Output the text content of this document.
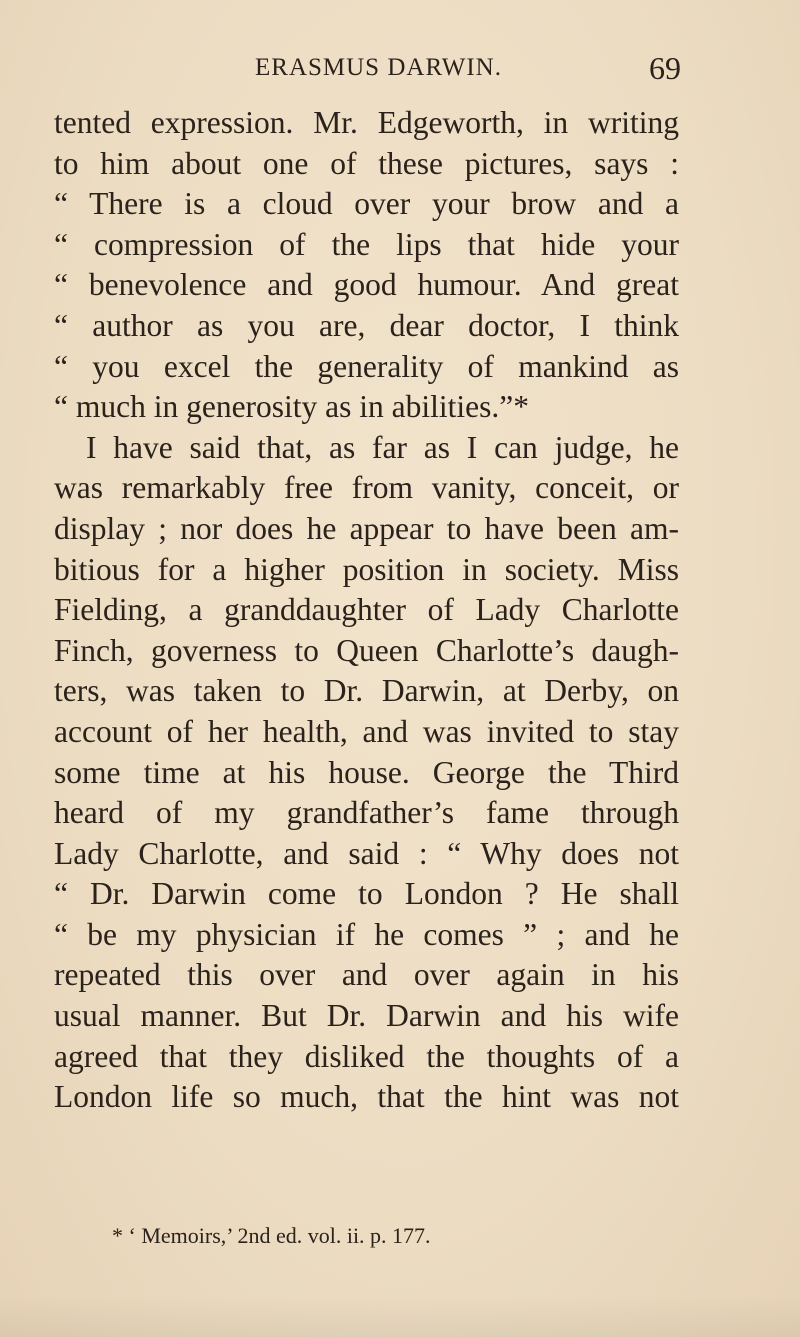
ERASMUS DARWIN.	69
tented expression. Mr. Edgeworth, in writing
to him about one of these pictures, says :
“ There is a cloud over your brow and a
“ compression of the lips that hide your
“ benevolence and good humour. And great
“ author as you are, dear doctor, I think
“ you excel the generality of mankind as
“ much in generosity as in abilities.”*
I have said that, as far as I can judge, he
was remarkably free from vanity, conceit, or
display ; nor does he appear to have been am-
bitious for a higher position in society. Miss
Fielding, a granddaughter of Lady Charlotte
Finch, governess to Queen Charlotte’s daugh-
ters, was taken to Dr. Darwin, at Derby, on
account of her health, and was invited to stay
some time at his house. George the Third
heard of my grandfather’s fame through
Lady Charlotte, and said : “ Why does not
“ Dr. Darwin come to London ? He shall
“ be my physician if he comes ” ; and he
repeated this over and over again in his
usual manner. But Dr. Darwin and his wife
agreed that they disliked the thoughts of a
London life so much, that the hint was not
* ‘ Memoirs,’ 2nd ed. vol. ii. p. 177.
